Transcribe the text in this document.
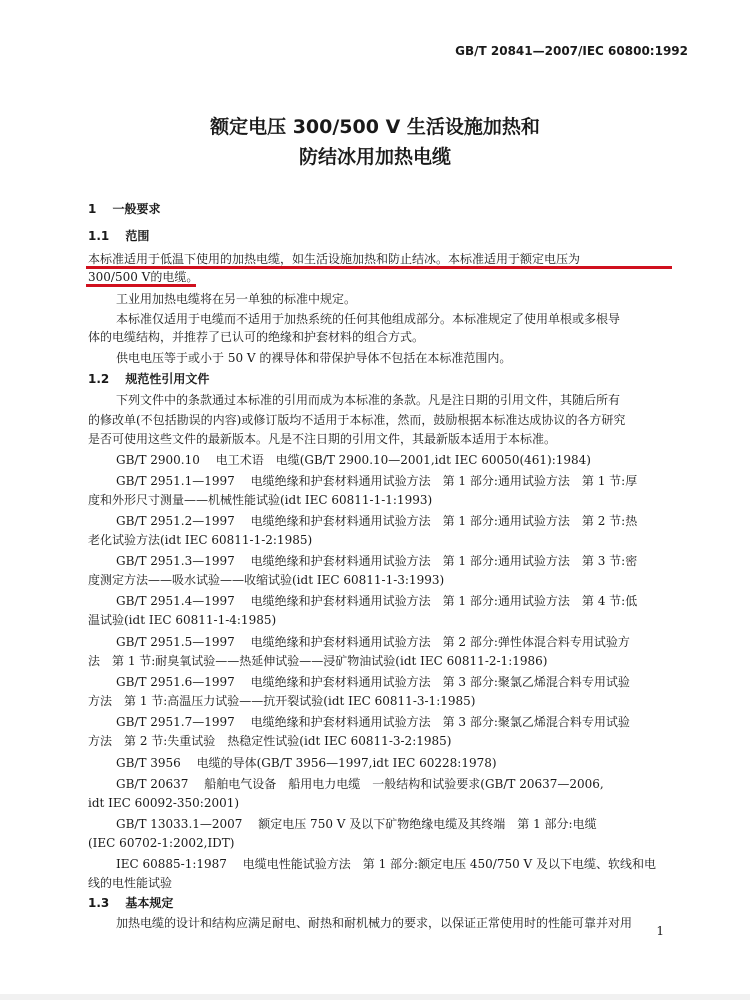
GB/T 20841—2007/IEC 60800:1992
额定电压 300/500 V 生活设施加热和
防结冰用加热电缆
1 　一般要求
1.1 　范围
本标准适用于低温下使用的加热电缆，如生活设施加热和防止结冰。本标准适用于额定电压为
300/500 V的电缆。
工业用加热电缆将在另一单独的标准中规定。
本标准仅适用于电缆而不适用于加热系统的任何其他组成部分。本标准规定了使用单根或多根导
体的电缆结构，并推荐了已认可的绝缘和护套材料的组合方式。
供电电压等于或小于 50 V 的裸导体和带保护导体不包括在本标准范围内。
1.2 　规范性引用文件
下列文件中的条款通过本标准的引用而成为本标准的条款。凡是注日期的引用文件，其随后所有
的修改单(不包括勘误的内容)或修订版均不适用于本标准，然而，鼓励根据本标准达成协议的各方研究
是否可使用这些文件的最新版本。凡是不注日期的引用文件，其最新版本适用于本标准。
GB/T 2900.10 　电工术语　电缆(GB/T 2900.10—2001,idt IEC 60050(461):1984)
GB/T 2951.1—1997 　电缆绝缘和护套材料通用试验方法　第 1 部分:通用试验方法　第 1 节:厚
度和外形尺寸测量——机械性能试验(idt IEC 60811-1-1:1993)
GB/T 2951.2—1997 　电缆绝缘和护套材料通用试验方法　第 1 部分:通用试验方法　第 2 节:热
老化试验方法(idt IEC 60811-1-2:1985)
GB/T 2951.3—1997 　电缆绝缘和护套材料通用试验方法　第 1 部分:通用试验方法　第 3 节:密
度测定方法——吸水试验——收缩试验(idt IEC 60811-1-3:1993)
GB/T 2951.4—1997 　电缆绝缘和护套材料通用试验方法　第 1 部分:通用试验方法　第 4 节:低
温试验(idt IEC 60811-1-4:1985)
GB/T 2951.5—1997 　电缆绝缘和护套材料通用试验方法　第 2 部分:弹性体混合料专用试验方
法　第 1 节:耐臭氧试验——热延伸试验——浸矿物油试验(idt IEC 60811-2-1:1986)
GB/T 2951.6—1997 　电缆绝缘和护套材料通用试验方法　第 3 部分:聚氯乙烯混合料专用试验
方法　第 1 节:高温压力试验——抗开裂试验(idt IEC 60811-3-1:1985)
GB/T 2951.7—1997 　电缆绝缘和护套材料通用试验方法　第 3 部分:聚氯乙烯混合料专用试验
方法　第 2 节:失重试验　热稳定性试验(idt IEC 60811-3-2:1985)
GB/T 3956 　电缆的导体(GB/T 3956—1997,idt IEC 60228:1978)
GB/T 20637 　船舶电气设备　船用电力电缆　一般结构和试验要求(GB/T 20637—2006,
idt IEC 60092-350:2001)
GB/T 13033.1—2007 　额定电压 750 V 及以下矿物绝缘电缆及其终端　第 1 部分:电缆
(IEC 60702-1:2002,IDT)
IEC 60885-1:1987 　电缆电性能试验方法　第 1 部分:额定电压 450/750 V 及以下电缆、软线和电
线的电性能试验
1.3 　基本规定
加热电缆的设计和结构应满足耐电、耐热和耐机械力的要求，以保证正常使用时的性能可靠并对用
1
